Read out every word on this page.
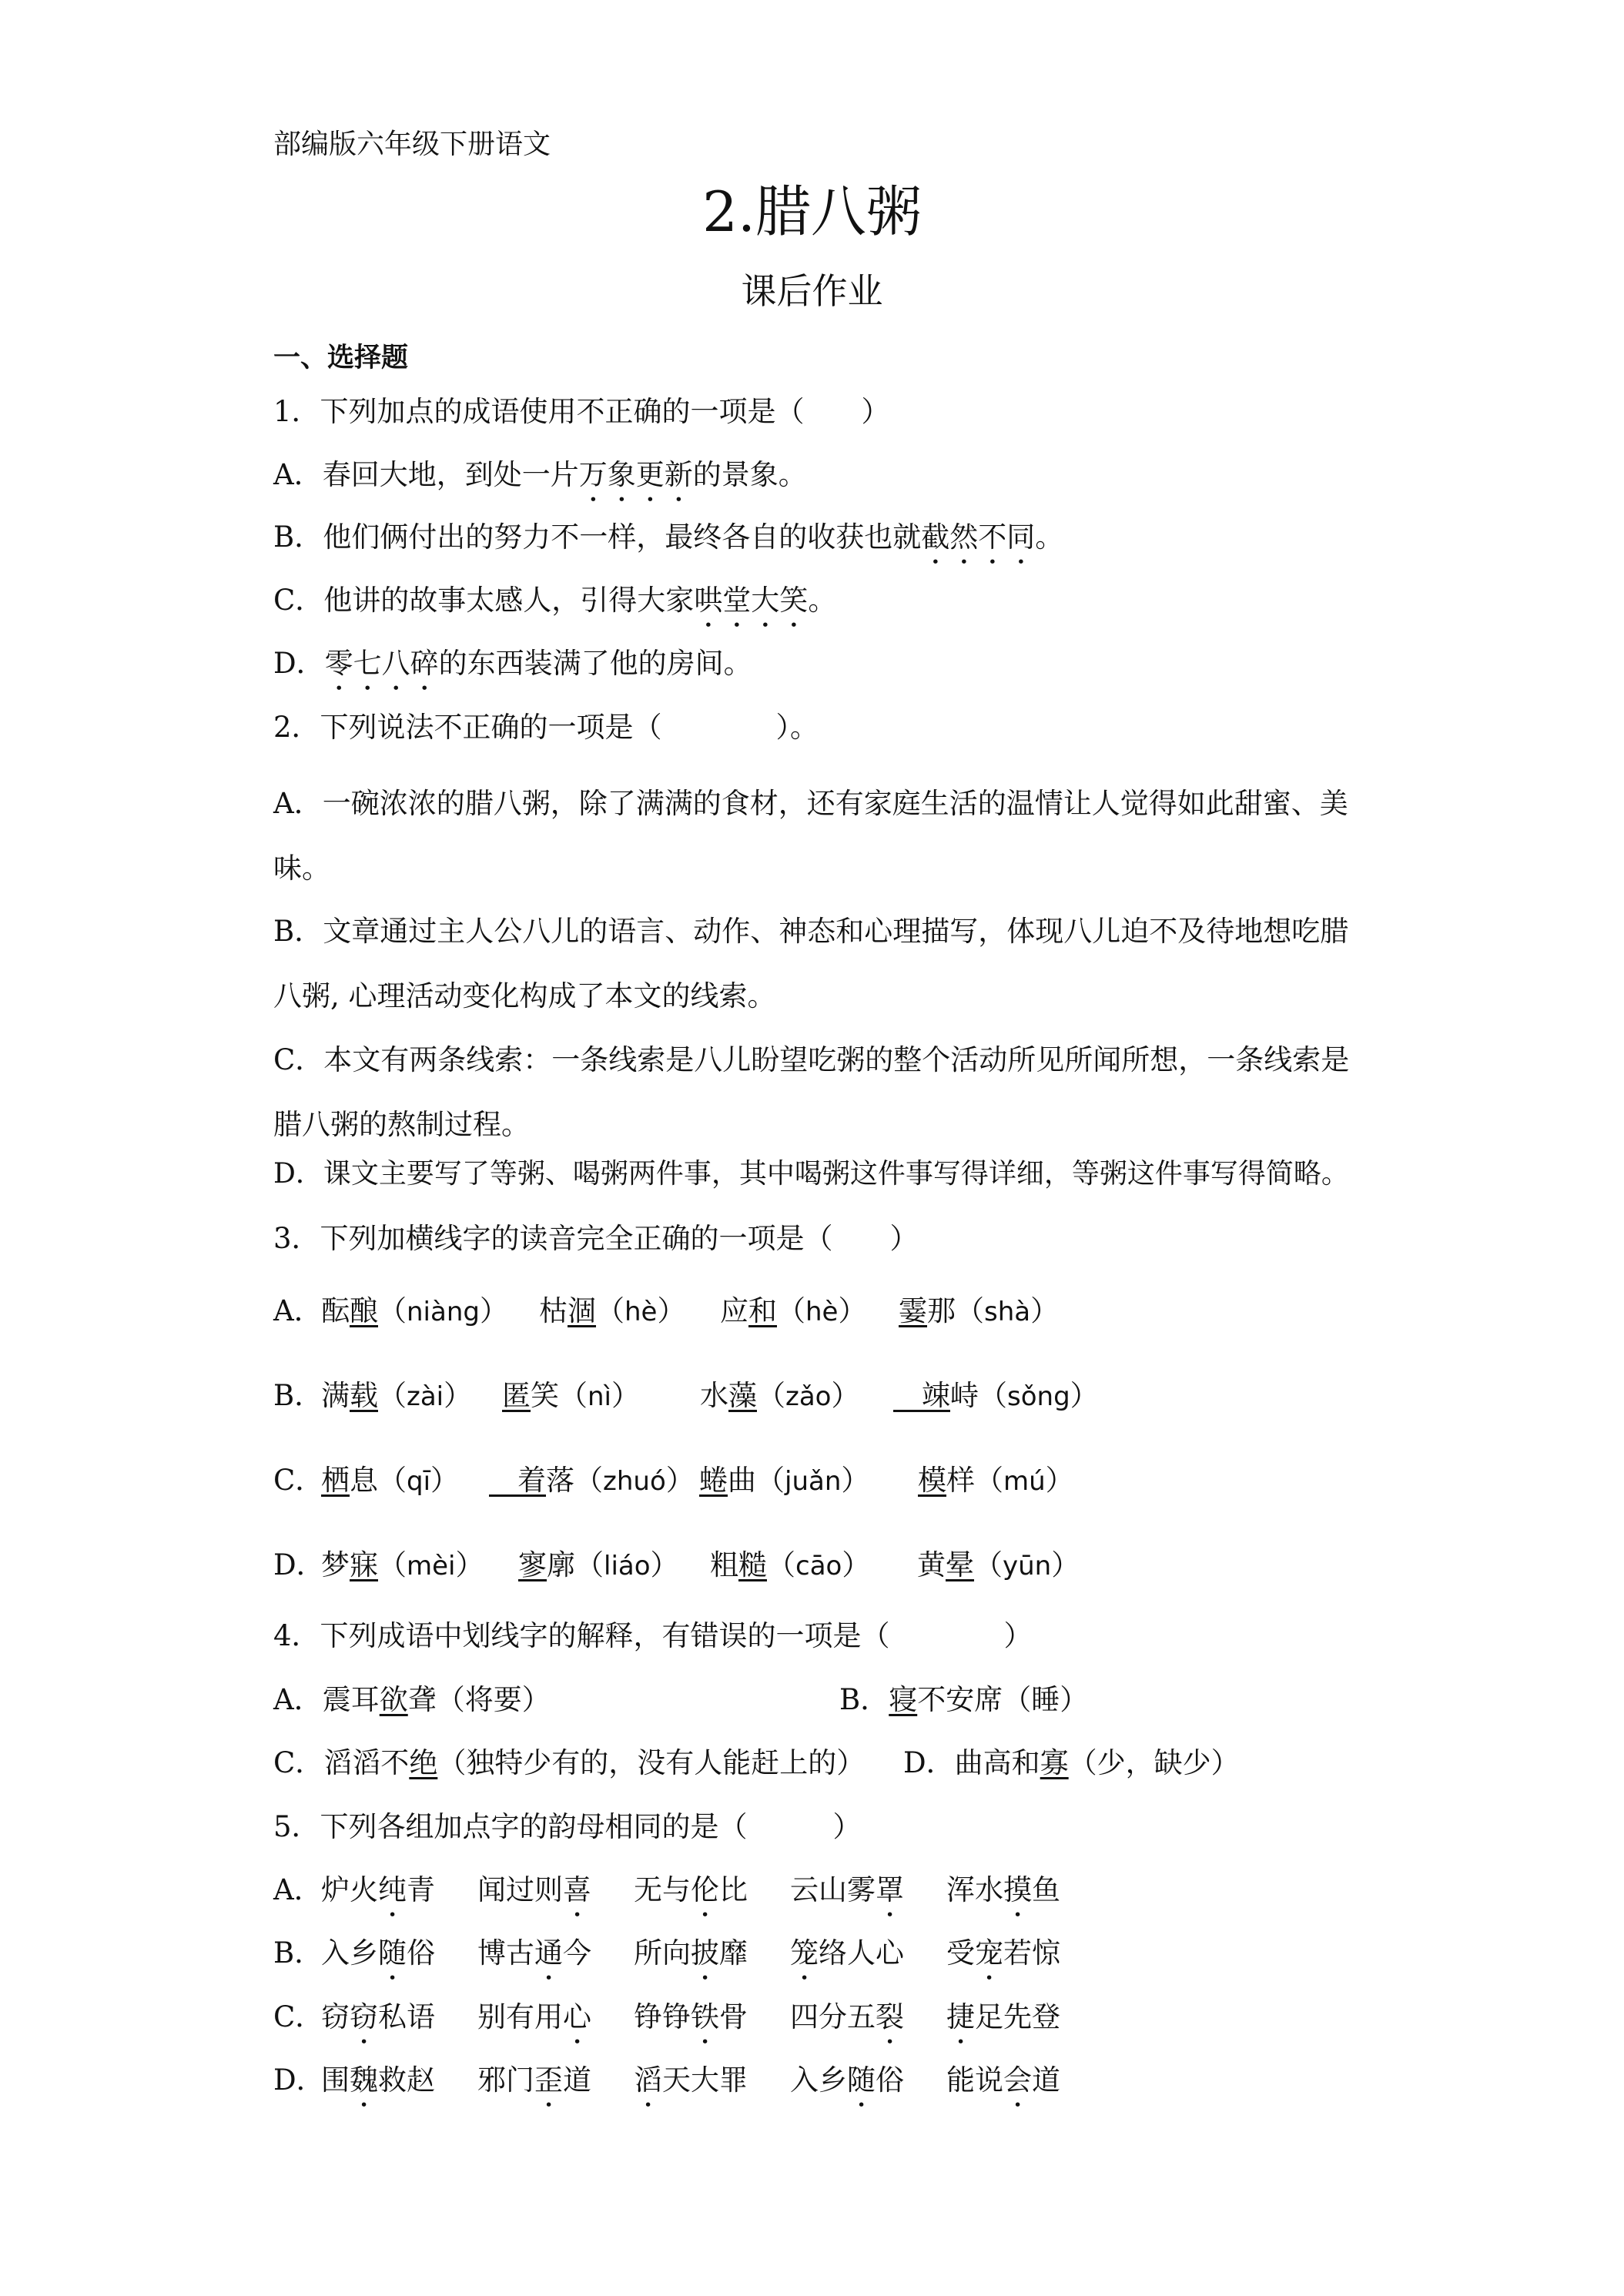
部编版六年级下册语文
2.腊八粥
课后作业
一、选择题
1．下列加点的成语使用不正确的一项是（　　）
A．春回大地，到处一片万象更新的景象。
B．他们俩付出的努力不一样，最终各自的收获也就截然不同。
C．他讲的故事太感人，引得大家哄堂大笑。
D．零七八碎的东西装满了他的房间。
2．下列说法不正确的一项是（　　　　）。
A．一碗浓浓的腊八粥，除了满满的食材，还有家庭生活的温情让人觉得如此甜蜜、美味。
B．文章通过主人公八儿的语言、动作、神态和心理描写，体现八儿迫不及待地想吃腊八粥, 心理活动变化构成了本文的线索。
C．本文有两条线索：一条线索是八儿盼望吃粥的整个活动所见所闻所想，一条线索是腊八粥的熬制过程。
D．课文主要写了等粥、喝粥两件事，其中喝粥这件事写得详细，等粥这件事写得简略。
3．下列加横线字的读音完全正确的一项是（　　）
A．
酝酿（niàng） 枯涸（hè） 应和（hè） 霎那（shà）
B．
满载（zài） 匿笑（nì） 水藻（zǎo） 　竦峙（sǒng）
C．
栖息（qī） 　着落（zhuó） 蜷曲（juǎn） 模样（mú）
D．
梦寐（mèi） 寥廓（liáo） 粗糙（cāo） 黄晕（yūn）
4．下列成语中划线字的解释，有错误的一项是（　　　　）
A．震耳欲聋（将要）	B．寝不安席（睡）
C．滔滔不绝（独特少有的，没有人能赶上的） D．曲高和寡（少，缺少）
5．下列各组加点字的韵母相同的是（　　　）
A．
炉火纯青 闻过则喜 无与伦比 云山雾罩 浑水摸鱼
B．
入乡随俗 博古通今 所向披靡 笼络人心 受宠若惊
C．
窃窃私语 别有用心 铮铮铁骨 四分五裂 捷足先登
D．
围魏救赵 邪门歪道 滔天大罪 入乡随俗 能说会道
